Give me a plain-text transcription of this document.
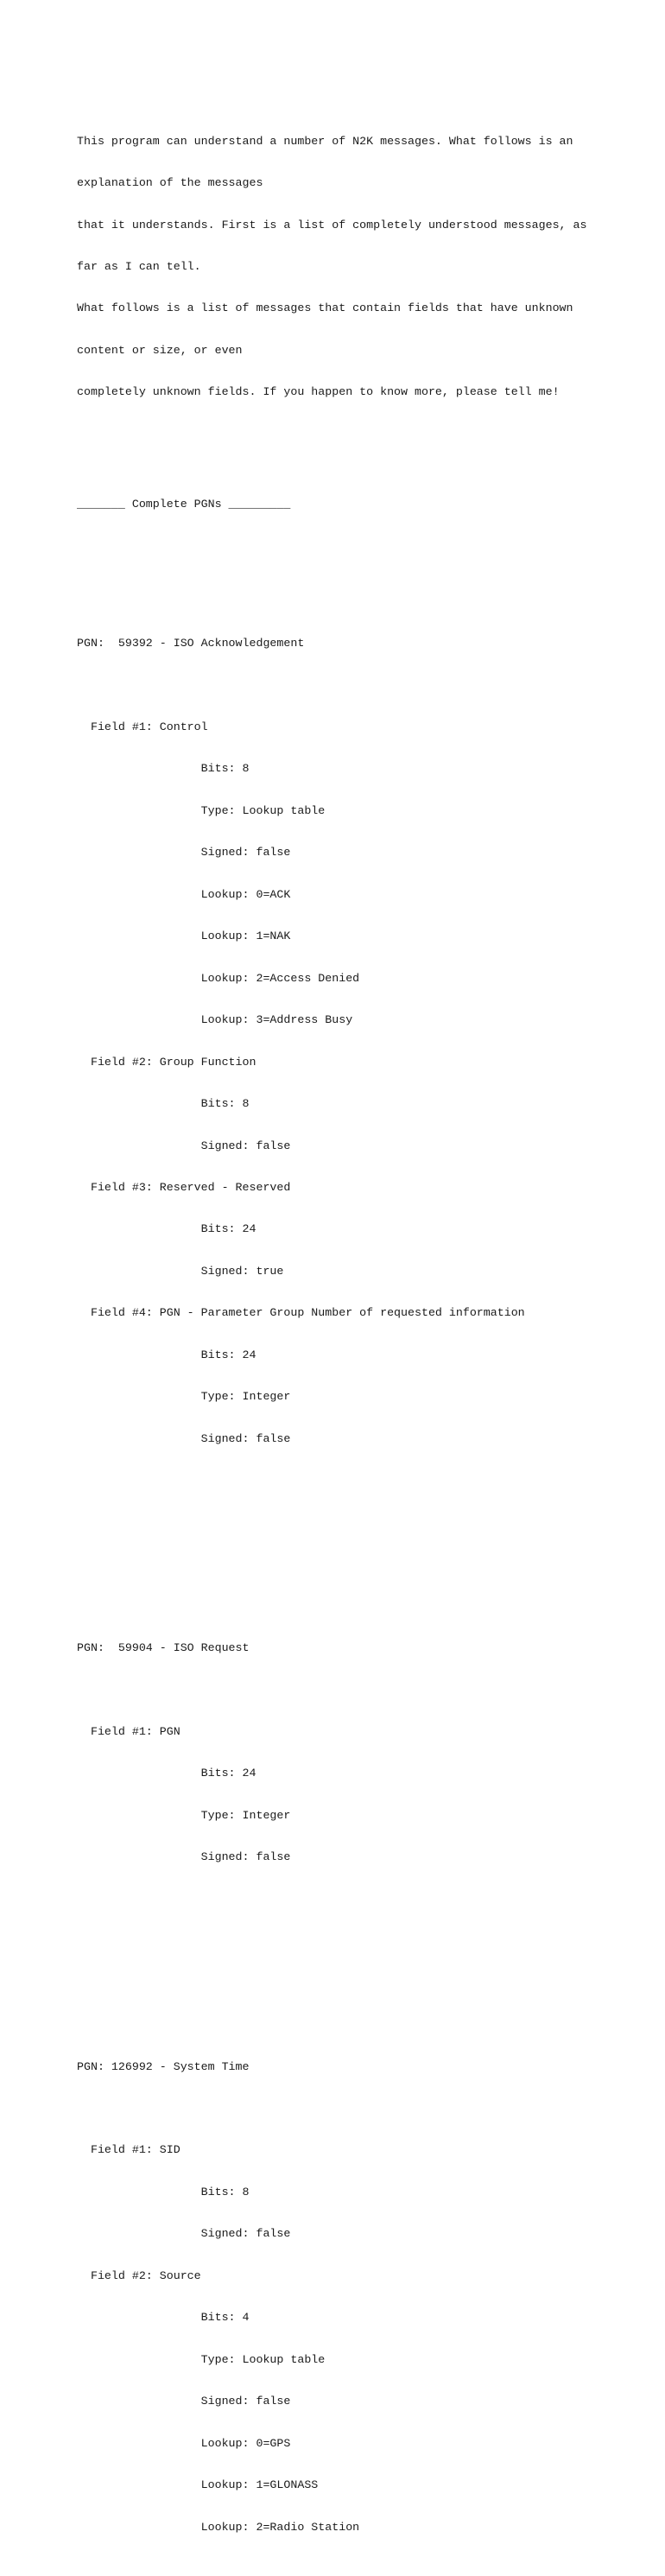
This program can understand a number of N2K messages. What follows is an

explanation of the messages

that it understands. First is a list of completely understood messages, as

far as I can tell.

What follows is a list of messages that contain fields that have unknown

content or size, or even

completely unknown fields. If you happen to know more, please tell me!

_______ Complete PGNs _________

PGN:  59392 - ISO Acknowledgement

Field #1: Control

Bits: 8

Type: Lookup table

Signed: false

Lookup: 0=ACK

Lookup: 1=NAK

Lookup: 2=Access Denied

Lookup: 3=Address Busy

Field #2: Group Function

Bits: 8

Signed: false

Field #3: Reserved - Reserved

Bits: 24

Signed: true

Field #4: PGN - Parameter Group Number of requested information

Bits: 24

Type: Integer

Signed: false

PGN:  59904 - ISO Request

Field #1: PGN

Bits: 24

Type: Integer

Signed: false

PGN: 126992 - System Time

Field #1: SID

Bits: 8

Signed: false

Field #2: Source

Bits: 4

Type: Lookup table

Signed: false

Lookup: 0=GPS

Lookup: 1=GLONASS

Lookup: 2=Radio Station
